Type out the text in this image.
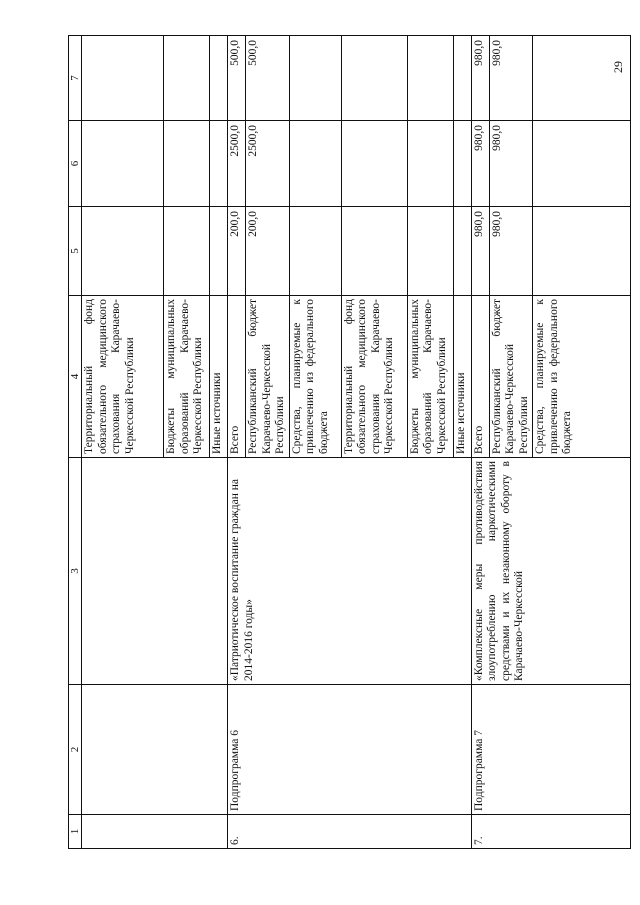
29
1	2	3	4	5	6	7
			Территориальный фонд обязательного медицинского страхования Карачаево-Черкесской Республики			
			Бюджеты муниципальных образований Карачаево-Черкесской Республики			
			Иные источники			
6.	Подпрограмма 6	«Патриотическое воспитание граждан на 2014-2016 годы»	Всего	200,0	2500,0	500,0
			Республиканский бюджет Карачаево-Черкесской Республики	200,0	2500,0	500,0
			Средства, планируемые к привлечению из федерального бюджета			
			Территориальный фонд обязательного медицинского страхования Карачаево-Черкесской Республики			
			Бюджеты муниципальных образований Карачаево-Черкесской Республики			
			Иные источники			
7.	Подпрограмма 7	«Комплексные меры противодействия злоупотреблению наркотическими средствами и их незаконному обороту в Карачаево-Черкесской	Всего	980,0	980,0	980,0
			Республиканский бюджет Карачаево-Черкесской Республики	980,0	980,0	980,0
			Средства, планируемые к привлечению из федерального бюджета			
